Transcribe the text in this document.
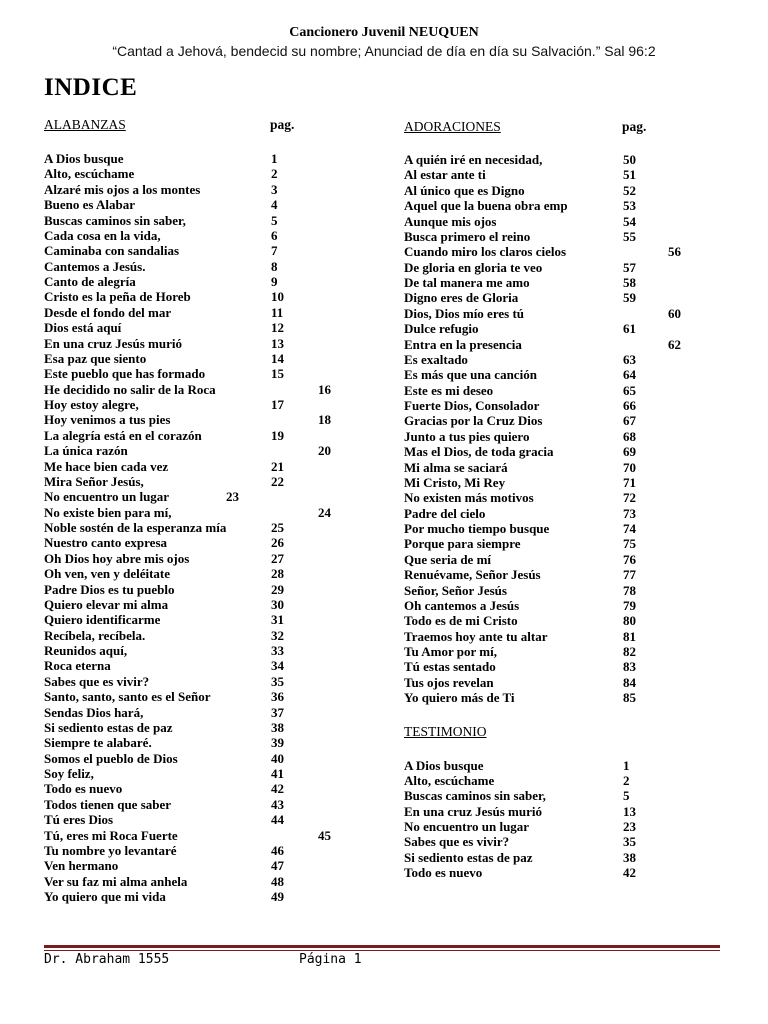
Cancionero Juvenil NEUQUEN
“Cantad a Jehová, bendecid su nombre; Anunciad de día en día su Salvación.” Sal 96:2
INDICE
ALABANZAS	pag.
A Dios busque	1
Alto, escúchame	2
Alzaré mis ojos a los montes	3
Bueno es Alabar	4
Buscas caminos sin saber,	5
Cada cosa en la vida,	6
Caminaba con sandalias	7
Cantemos a Jesús.	8
Canto de alegría	9
Cristo es la peña de Horeb	10
Desde el fondo del mar	11
Dios está aquí	12
En una cruz Jesús murió	13
Esa paz que siento	14
Este pueblo que has formado	15
He decidido no salir de la Roca	16
Hoy estoy alegre,	17
Hoy venimos a tus pies	18
La alegría está en el corazón	19
La única razón	20
Me hace bien cada vez	21
Mira Señor Jesús,	22
No encuentro un lugar	23
No existe bien para mí,	24
Noble sostén de la esperanza mía	25
Nuestro canto expresa	26
Oh Dios hoy abre mis ojos	27
Oh ven, ven y deléitate	28
Padre Dios es tu pueblo	29
Quiero elevar mi alma	30
Quiero identificarme	31
Recíbela, recíbela.	32
Reunidos aquí,	33
Roca eterna	34
Sabes que es vivir?	35
Santo, santo, santo es el Señor	36
Sendas Dios hará,	37
Si sediento estas de paz	38
Siempre te alabaré.	39
Somos el pueblo de Dios	40
Soy feliz,	41
Todo es nuevo	42
Todos tienen que saber	43
Tú eres Dios	44
Tú, eres mi Roca Fuerte	45
Tu nombre yo levantaré	46
Ven hermano	47
Ver su faz mi alma anhela	48
Yo quiero que mi vida	49
ADORACIONES	pag.
A quién iré en necesidad,	50
Al estar ante ti	51
Al único que es Digno	52
Aquel que la buena obra emp	53
Aunque mis ojos	54
Busca primero el reino	55
Cuando miro los claros cielos	56
De gloria en gloria te veo	57
De tal manera me amo	58
Digno eres de Gloria	59
Dios, Dios mío eres tú	60
Dulce refugio	61
Entra en la presencia	62
Es exaltado	63
Es más que una canción	64
Este es mi deseo	65
Fuerte Dios, Consolador	66
Gracias por la Cruz Dios	67
Junto a tus pies quiero	68
Mas el Dios, de toda gracia	69
Mi alma se saciará	70
Mi Cristo, Mi Rey	71
No existen más motivos	72
Padre del cielo	73
Por mucho tiempo busque	74
Porque para siempre	75
Que seria de mí	76
Renuévame, Señor Jesús	77
Señor, Señor Jesús	78
Oh cantemos a Jesús	79
Todo es de mi Cristo	80
Traemos hoy ante tu altar	81
Tu Amor por mí,	82
Tú estas sentado	83
Tus ojos revelan	84
Yo quiero más de Ti	85
TESTIMONIO
A Dios busque	1
Alto, escúchame	2
Buscas caminos sin saber,	5
En una cruz Jesús murió	13
No encuentro un lugar	23
Sabes que es vivir?	35
Si sediento estas de paz	38
Todo es nuevo	42
Dr. Abraham 1555	Página 1
